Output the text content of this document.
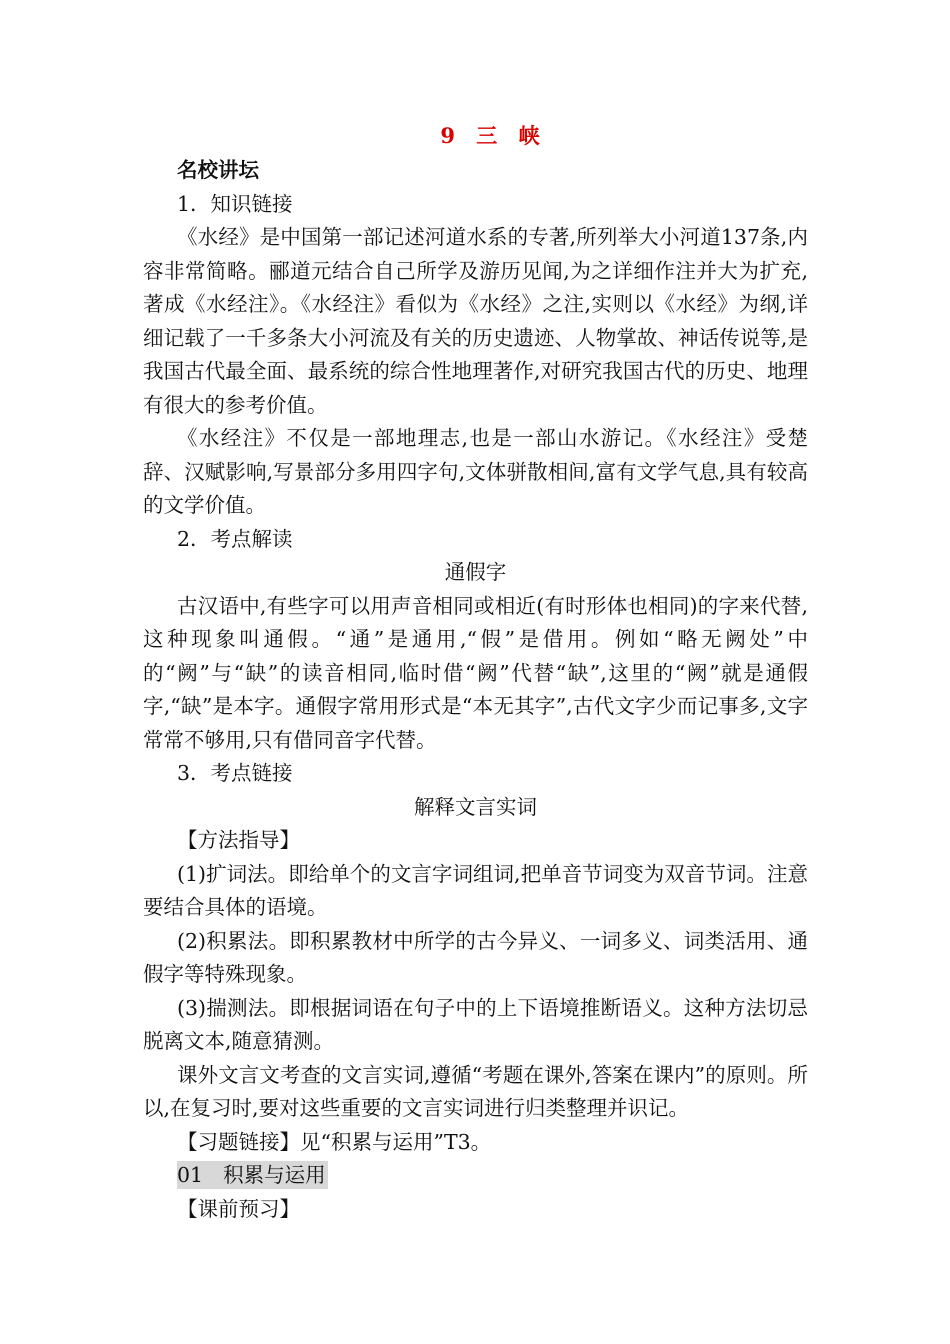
9 三 峡
名校讲坛
1．知识链接
《水经》是中国第一部记述河道水系的专著,所列举大小河道137条,内容非常简略。郦道元结合自己所学及游历见闻,为之详细作注并大为扩充,著成《水经注》。《水经注》看似为《水经》之注,实则以《水经》为纲,详细记载了一千多条大小河流及有关的历史遗迹、人物掌故、神话传说等,是我国古代最全面、最系统的综合性地理著作,对研究我国古代的历史、地理有很大的参考价值。
《水经注》不仅是一部地理志,也是一部山水游记。《水经注》受楚辞、汉赋影响,写景部分多用四字句,文体骈散相间,富有文学气息,具有较高的文学价值。
2．考点解读
通假字
古汉语中,有些字可以用声音相同或相近(有时形体也相同)的字来代替,这种现象叫通假。“通”是通用,“假”是借用。例如“略无阙处”中的“阙”与“缺”的读音相同,临时借“阙”代替“缺”,这里的“阙”就是通假字,“缺”是本字。通假字常用形式是“本无其字”,古代文字少而记事多,文字常常不够用,只有借同音字代替。
3．考点链接
解释文言实词
【方法指导】
(1)扩词法。即给单个的文言字词组词,把单音节词变为双音节词。注意要结合具体的语境。
(2)积累法。即积累教材中所学的古今异义、一词多义、词类活用、通假字等特殊现象。
(3)揣测法。即根据词语在句子中的上下语境推断语义。这种方法切忌脱离文本,随意猜测。
课外文言文考查的文言实词,遵循“考题在课外,答案在课内”的原则。所以,在复习时,要对这些重要的文言实词进行归类整理并识记。
【习题链接】见“积累与运用”T3。
01 积累与运用
【课前预习】
